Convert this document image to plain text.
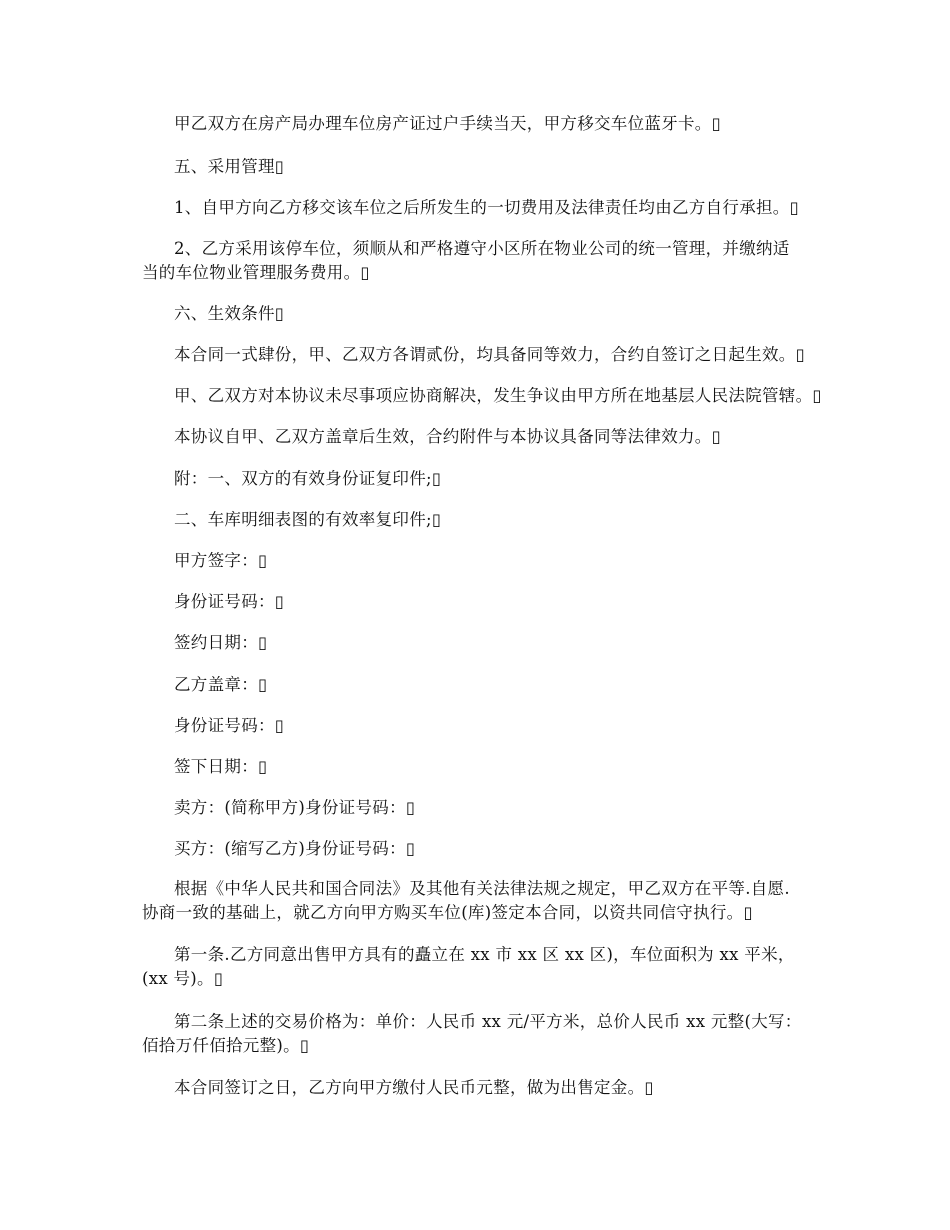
甲乙双方在房产局办理车位房产证过户手续当天，甲方移交车位蓝牙卡。▯
五、采用管理▯
1、自甲方向乙方移交该车位之后所发生的一切费用及法律责任均由乙方自行承担。▯
2、乙方采用该停车位，须顺从和严格遵守小区所在物业公司的统一管理，并缴纳适
当的车位物业管理服务费用。▯
六、生效条件▯
本合同一式肆份，甲、乙双方各谓贰份，均具备同等效力，合约自签订之日起生效。▯
甲、乙双方对本协议未尽事项应协商解决，发生争议由甲方所在地基层人民法院管辖。▯
本协议自甲、乙双方盖章后生效，合约附件与本协议具备同等法律效力。▯
附：一、双方的有效身份证复印件;▯
二、车库明细表图的有效率复印件;▯
甲方签字：▯
身份证号码：▯
签约日期：▯
乙方盖章：▯
身份证号码：▯
签下日期：▯
卖方：(简称甲方)身份证号码：▯
买方：(缩写乙方)身份证号码：▯
根据《中华人民共和国合同法》及其他有关法律法规之规定，甲乙双方在平等.自愿.
协商一致的基础上，就乙方向甲方购买车位(库)签定本合同，以资共同信守执行。▯
第一条.乙方同意出售甲方具有的矗立在 xx 市 xx 区 xx 区)，车位面积为 xx 平米，
(xx 号)。▯
第二条上述的交易价格为：单价：人民币 xx 元/平方米，总价人民币 xx 元整(大写：
佰拾万仟佰拾元整)。▯
本合同签订之日，乙方向甲方缴付人民币元整，做为出售定金。▯
